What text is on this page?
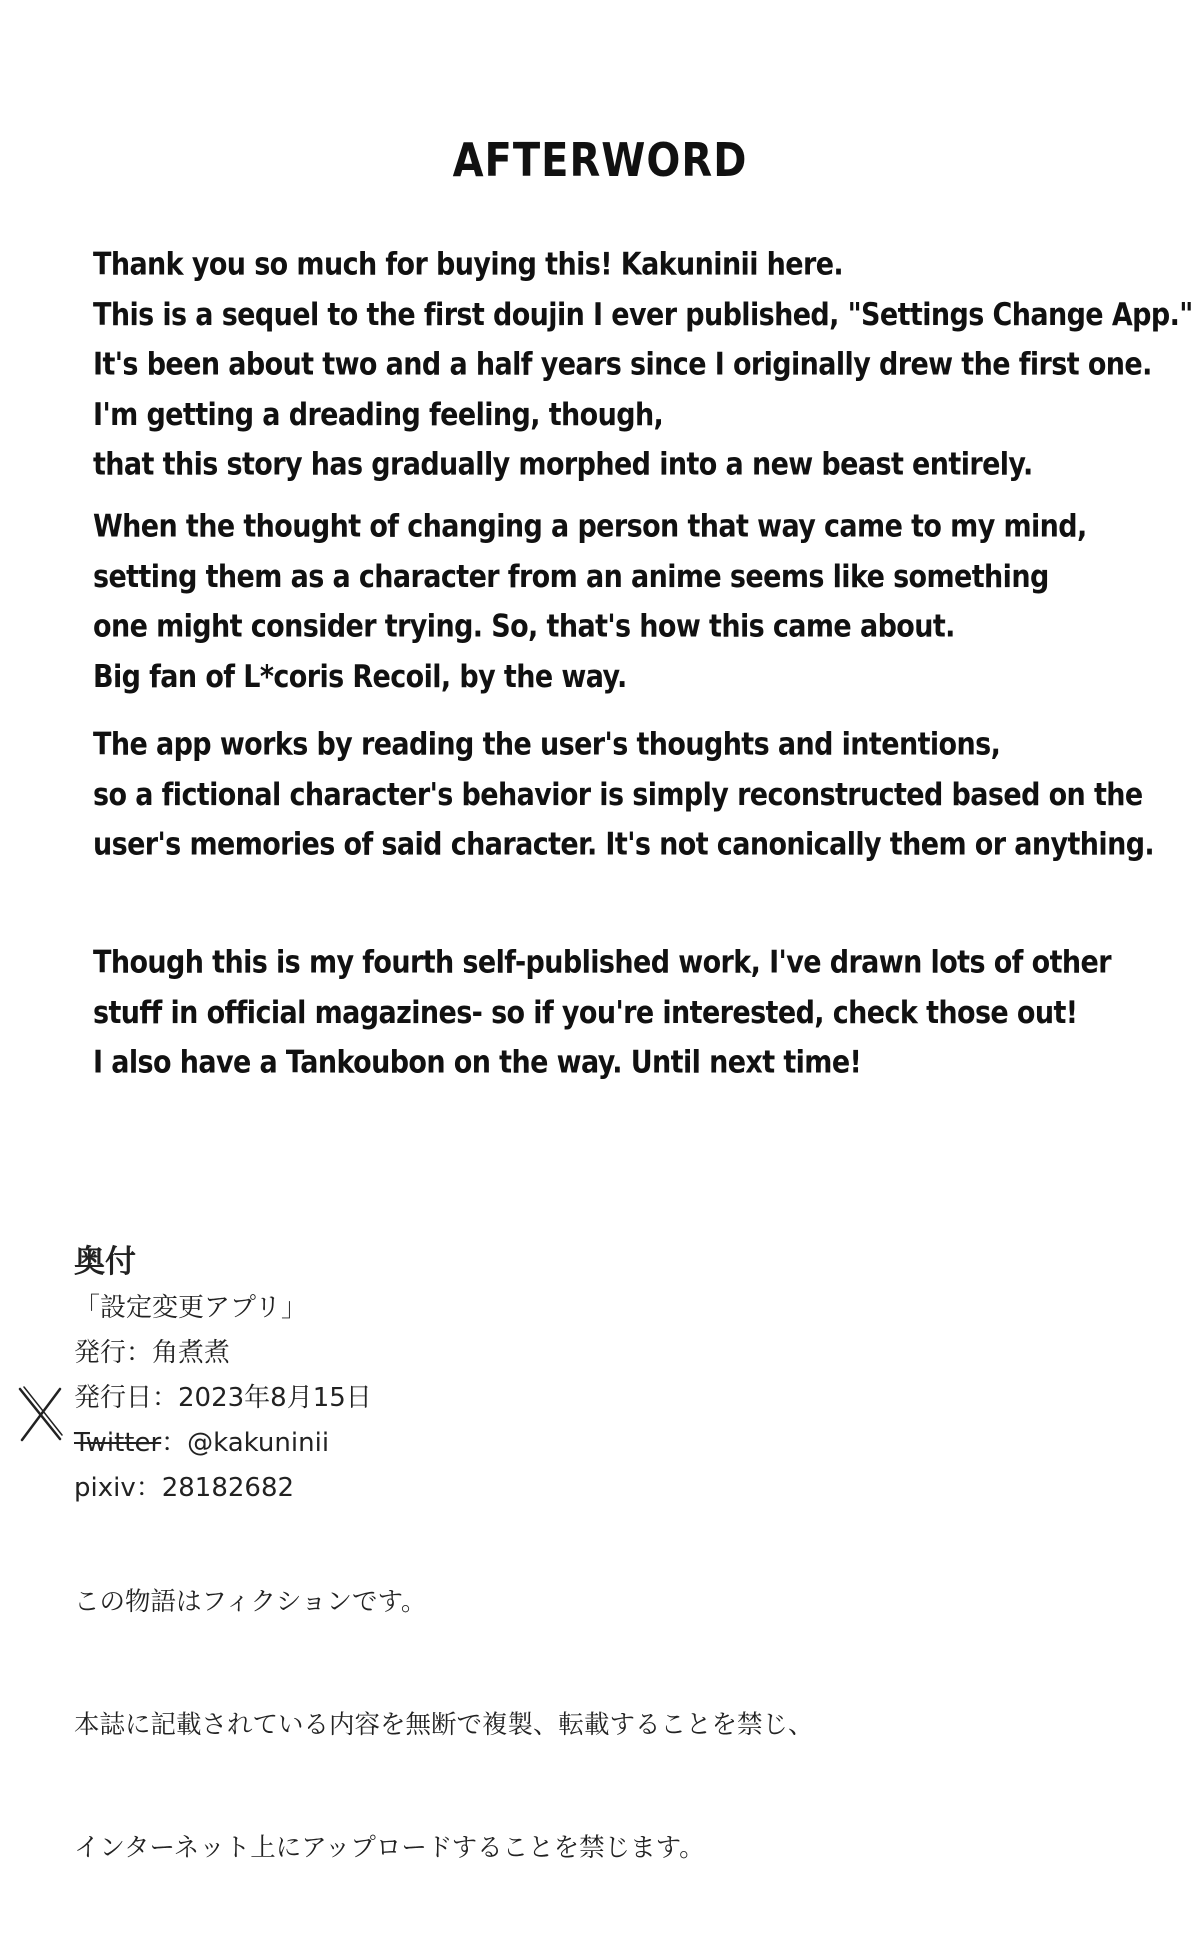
AFTERWORD
Thank you so much for buying this! Kakuninii here.
This is a sequel to the first doujin I ever published, "Settings Change App."
It's been about two and a half years since I originally drew the first one.
I'm getting a dreading feeling, though,
that this story has gradually morphed into a new beast entirely.
When the thought of changing a person that way came to my mind,
setting them as a character from an anime seems like something
one might consider trying. So, that's how this came about.
Big fan of L*coris Recoil, by the way.
The app works by reading the user's thoughts and intentions,
so a fictional character's behavior is simply reconstructed based on the
user's memories of said character. It's not canonically them or anything.
Though this is my fourth self-published work, I've drawn lots of other
stuff in official magazines- so if you're interested, check those out!
I also have a Tankoubon on the way. Until next time!
奥付
「設定変更アプリ」
発行：角煮煮
発行日：2023年8月15日
Twitter：@kakuninii
pixiv：28182682

この物語はフィクションです。

本誌に記載されている内容を無断で複製、転載することを禁じ、

インターネット上にアップロードすることを禁じます。
